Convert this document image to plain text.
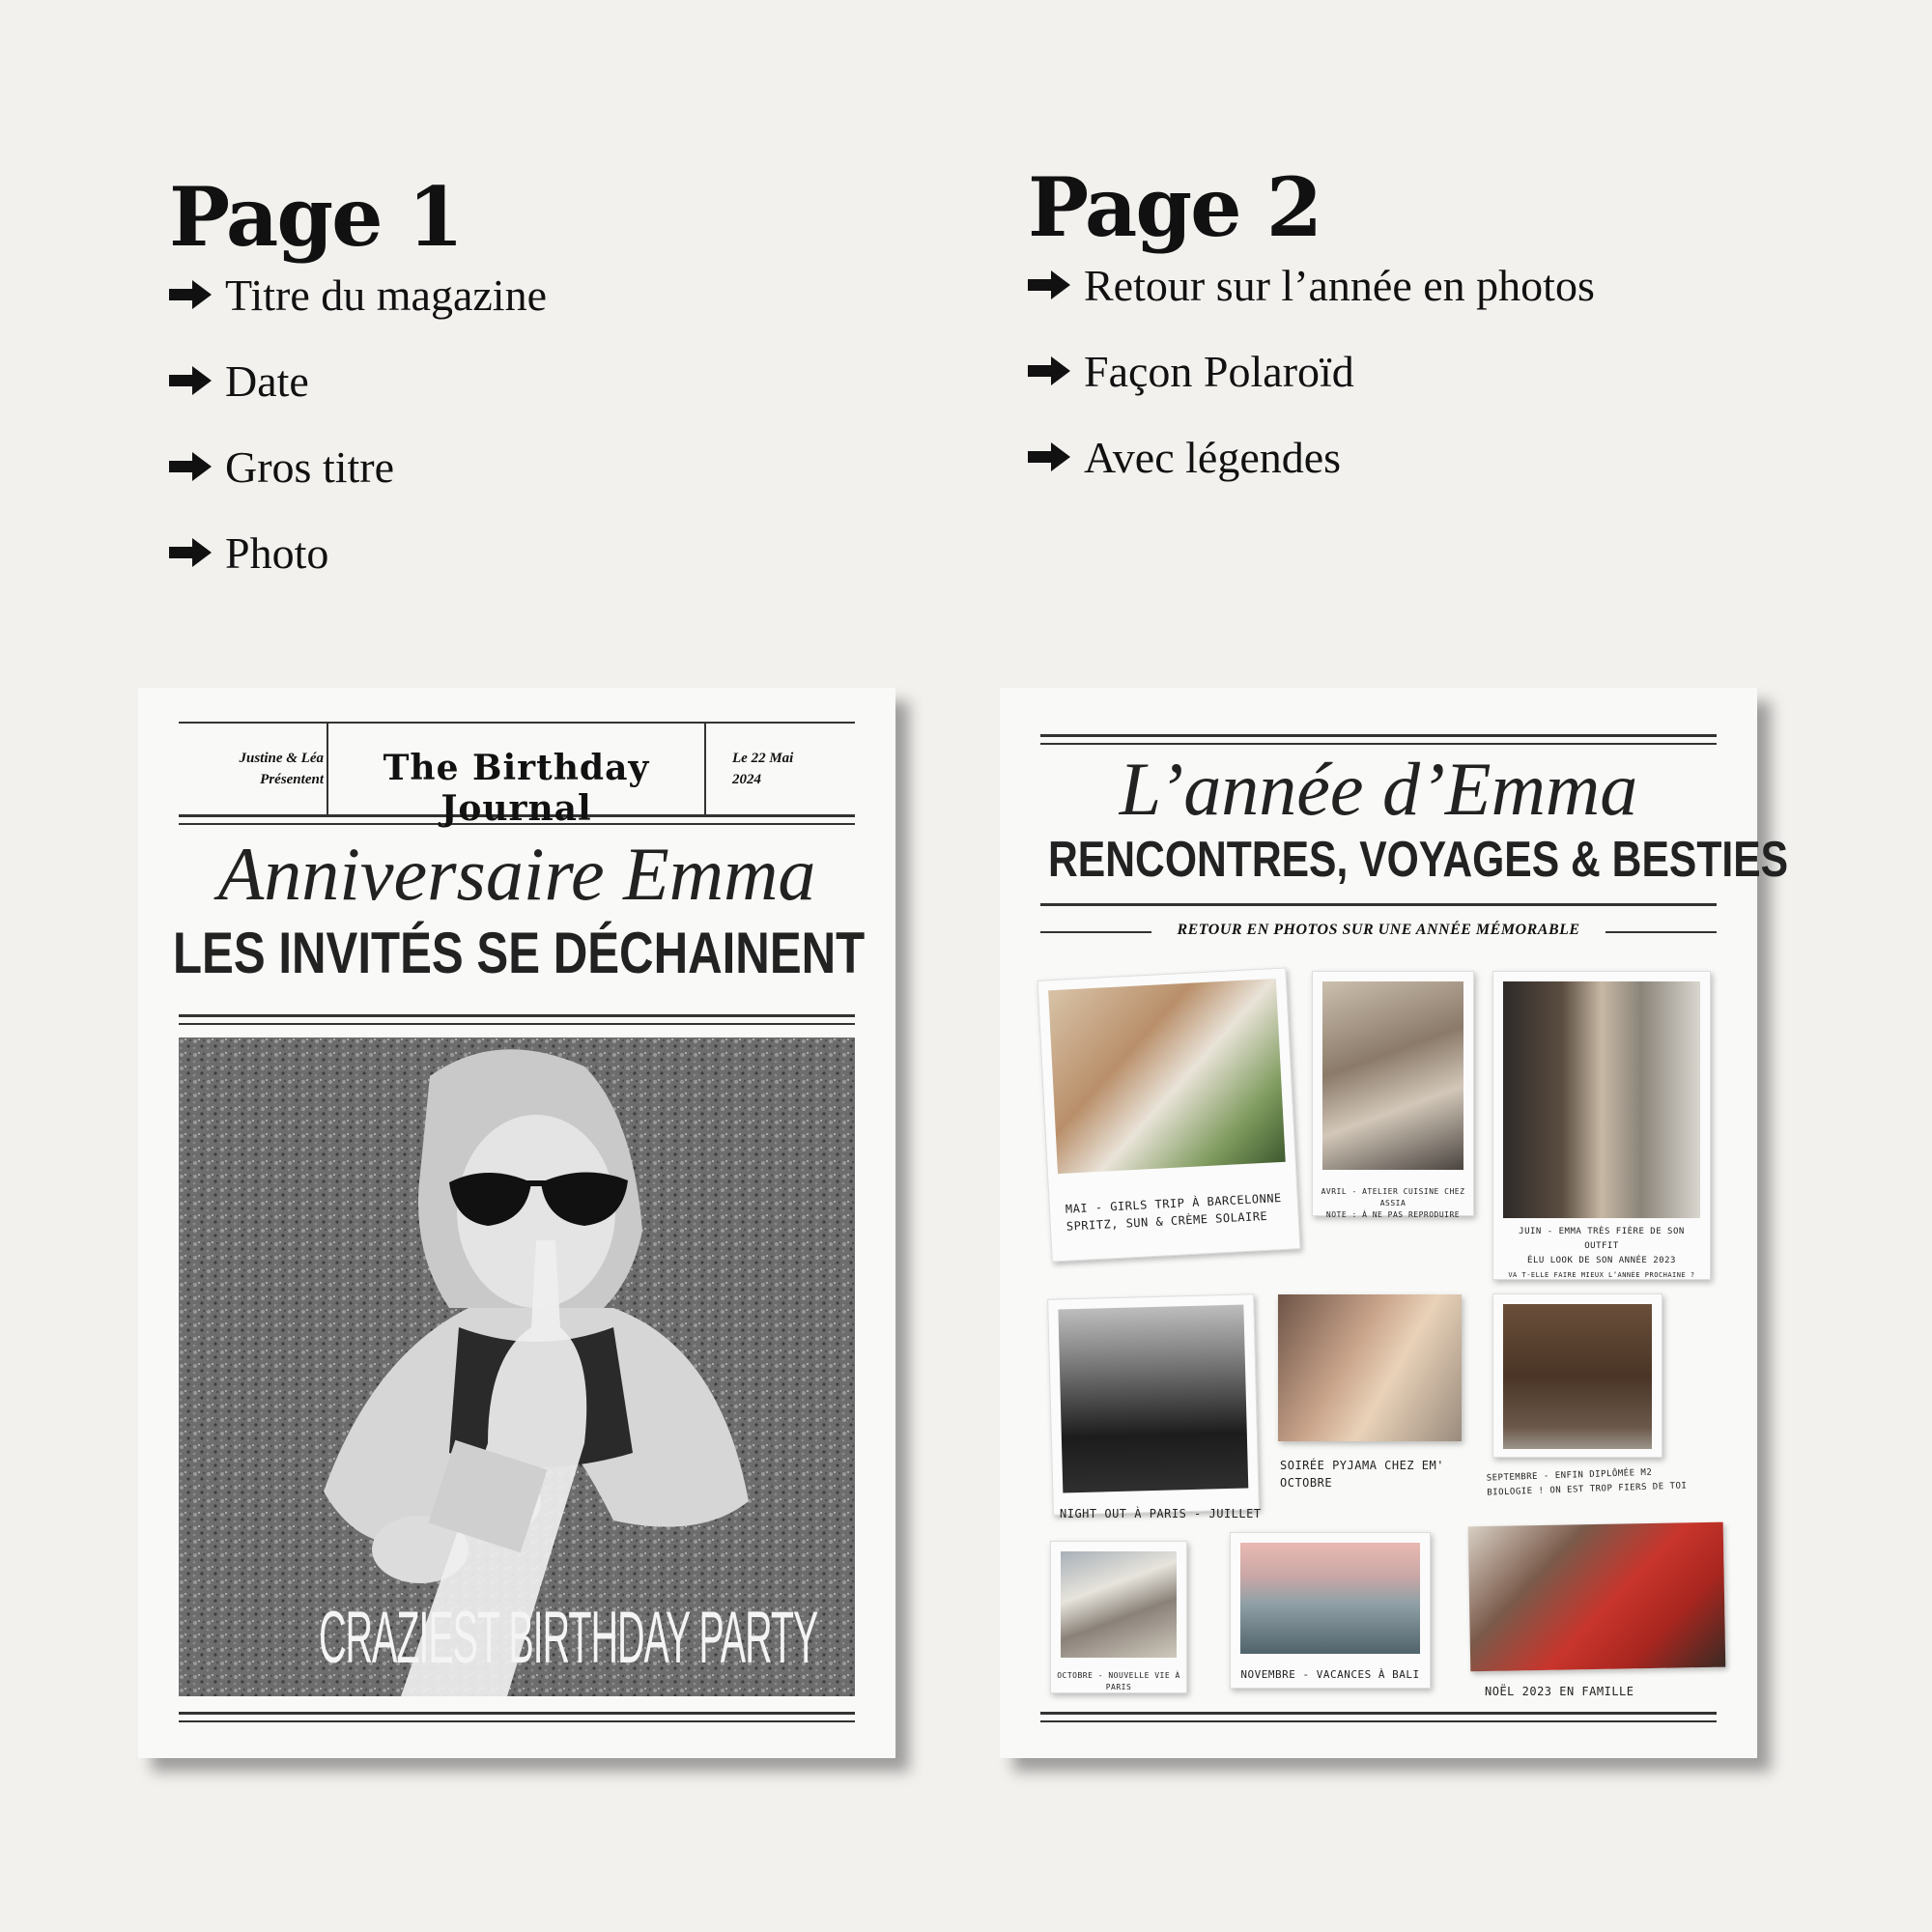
Page 1
Titre du magazine
Date
Gros titre
Photo
Page 2
Retour sur l’année en photos
Façon Polaroïd
Avec légendes
Justine & Léa
Présentent	The Birthday Journal
Le 22 Mai
2024
Anniversaire Emma
LES INVITÉS SE DÉCHAINENT
CRAZIEST BIRTHDAY PARTY
L’année d’Emma
RENCONTRES, VOYAGES & BESTIES
RETOUR EN PHOTOS SUR UNE ANNÉE MÉMORABLE
MAI - GIRLS TRIP À BARCELONNE
SPRITZ, SUN & CRÈME SOLAIRE
AVRIL - ATELIER CUISINE CHEZ ASSIA
NOTE : À NE PAS REPRODUIRE
JUIN - EMMA TRÈS FIÈRE DE SON OUTFIT
ÉLU LOOK DE SON ANNÉE 2023
VA T-ELLE FAIRE MIEUX L’ANNÉE PROCHAINE ?
NIGHT OUT À PARIS - JUILLET
SOIRÉE PYJAMA CHEZ EM'
OCTOBRE	SEPTEMBRE - ENFIN DIPLÔMÉE M2
BIOLOGIE ! ON EST TROP FIERS DE TOI
OCTOBRE - NOUVELLE VIE À PARIS
NOVEMBRE - VACANCES À BALI
NOËL 2023 EN FAMILLE
